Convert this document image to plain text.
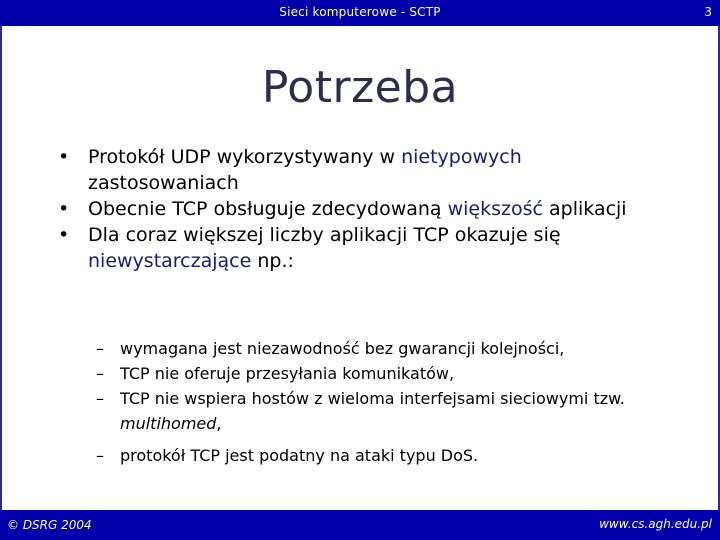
Sieci komputerowe - SCTP	3
Potrzeba
• Protokół UDP wykorzystywany w nietypowych zastosowaniach
• Obecnie TCP obsługuje zdecydowaną większość aplikacji
• Dla coraz większej liczby aplikacji TCP okazuje się niewystarczające np.:
–	wymagana jest niezawodność bez gwarancji kolejności,
–	TCP nie oferuje przesyłania komunikatów,
–	TCP nie wspiera hostów z wieloma interfejsami sieciowymi tzw. multihomed,
–	protokół TCP jest podatny na ataki typu DoS.
© DSRG 2004	www.cs.agh.edu.pl
